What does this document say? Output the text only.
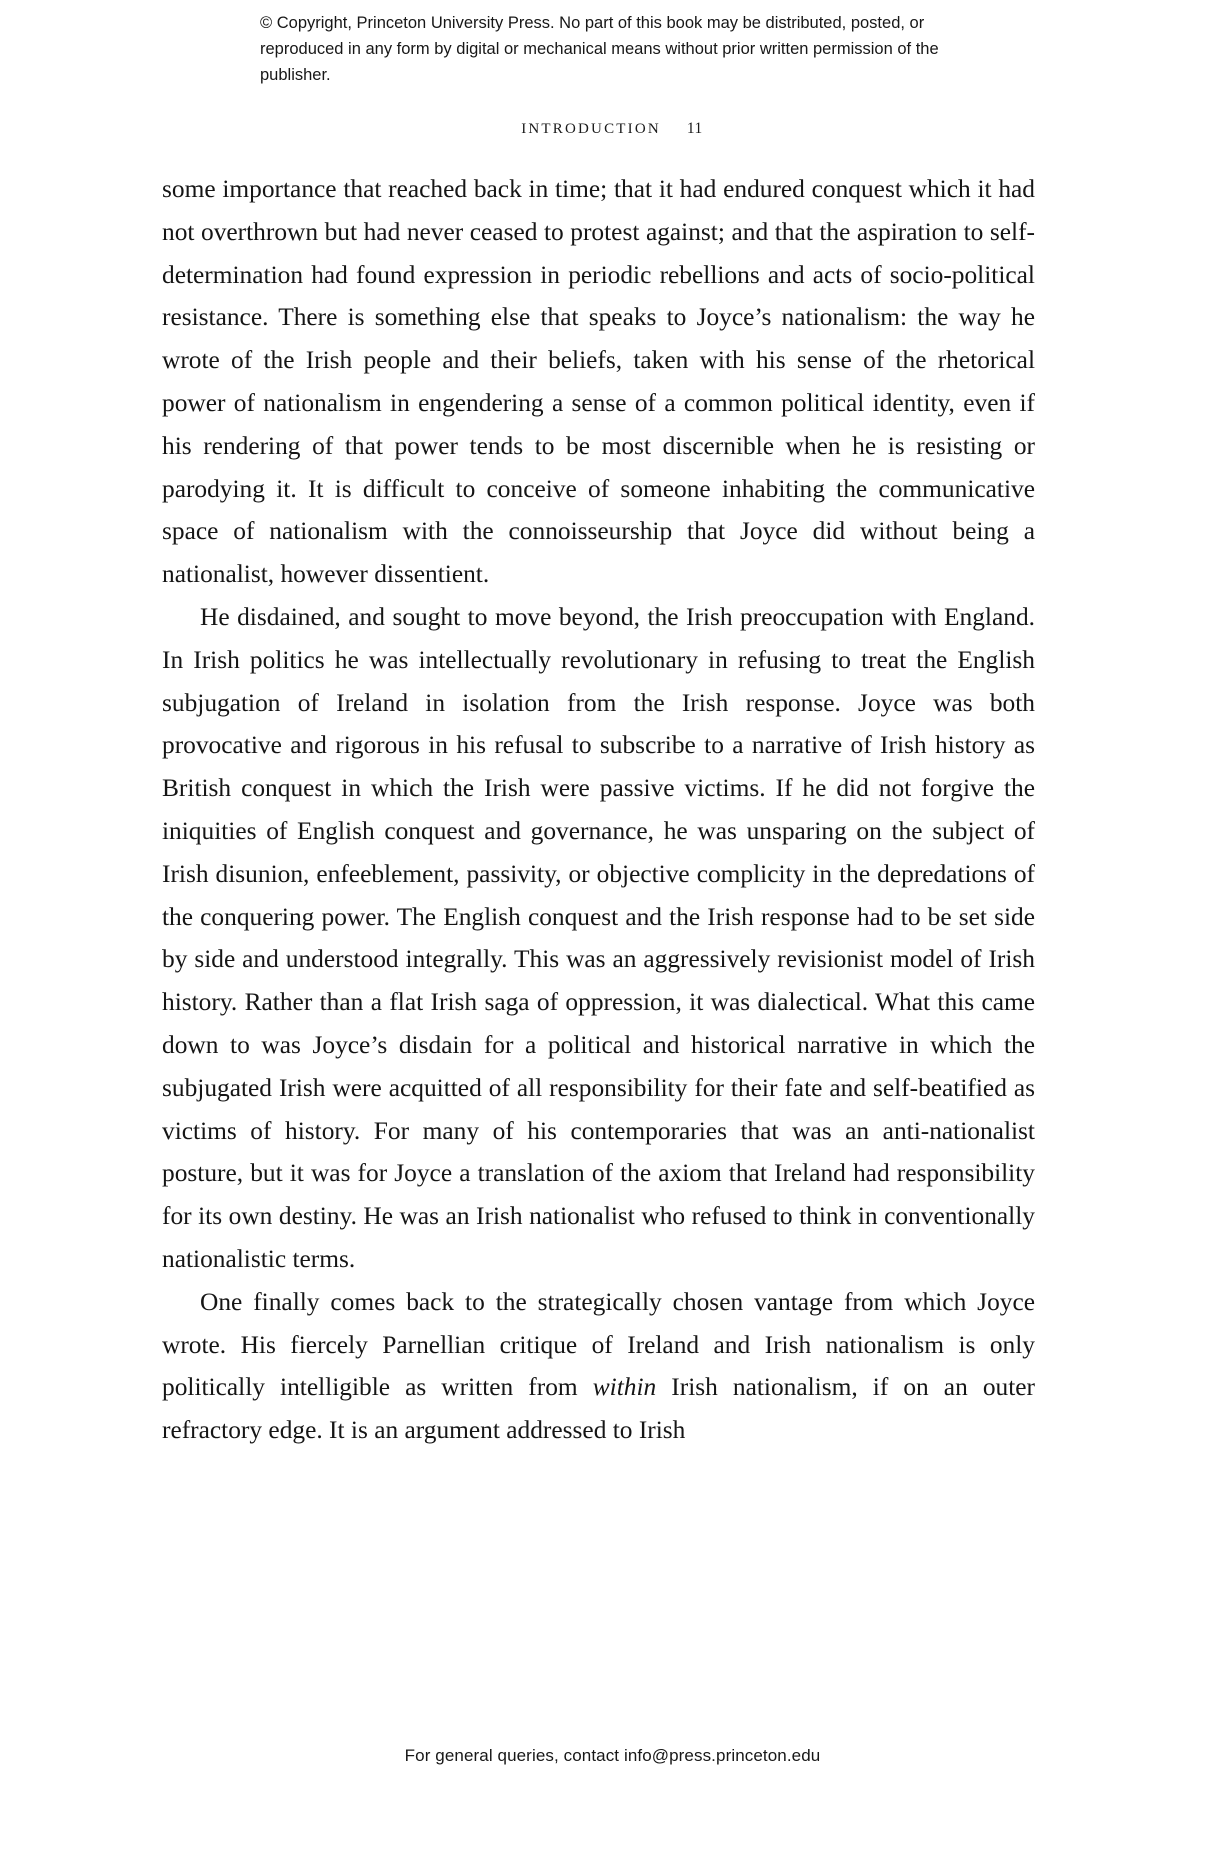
© Copyright, Princeton University Press. No part of this book may be distributed, posted, or reproduced in any form by digital or mechanical means without prior written permission of the publisher.
INTRODUCTION 11

some importance that reached back in time; that it had endured conquest which it had not overthrown but had never ceased to protest against; and that the aspiration to self-determination had found expression in periodic rebellions and acts of socio-political resistance. There is something else that speaks to Joyce’s nationalism: the way he wrote of the Irish people and their beliefs, taken with his sense of the rhetorical power of nationalism in engendering a sense of a common political identity, even if his rendering of that power tends to be most discernible when he is resisting or parodying it. It is difficult to conceive of someone inhabiting the communicative space of nationalism with the connoisseurship that Joyce did without being a nationalist, however dissentient.

He disdained, and sought to move beyond, the Irish preoccupation with England. In Irish politics he was intellectually revolutionary in refusing to treat the English subjugation of Ireland in isolation from the Irish response. Joyce was both provocative and rigorous in his refusal to subscribe to a narrative of Irish history as British conquest in which the Irish were passive victims. If he did not forgive the iniquities of English conquest and governance, he was unsparing on the subject of Irish disunion, enfeeblement, passivity, or objective complicity in the depredations of the conquering power. The English conquest and the Irish response had to be set side by side and understood integrally. This was an aggressively revisionist model of Irish history. Rather than a flat Irish saga of oppression, it was dialectical. What this came down to was Joyce’s disdain for a political and historical narrative in which the subjugated Irish were acquitted of all responsibility for their fate and self-beatified as victims of history. For many of his contemporaries that was an anti-nationalist posture, but it was for Joyce a translation of the axiom that Ireland had responsibility for its own destiny. He was an Irish nationalist who refused to think in conventionally nationalistic terms.

One finally comes back to the strategically chosen vantage from which Joyce wrote. His fiercely Parnellian critique of Ireland and Irish nationalism is only politically intelligible as written from within Irish nationalism, if on an outer refractory edge. It is an argument addressed to Irish

For general queries, contact info@press.princeton.edu
